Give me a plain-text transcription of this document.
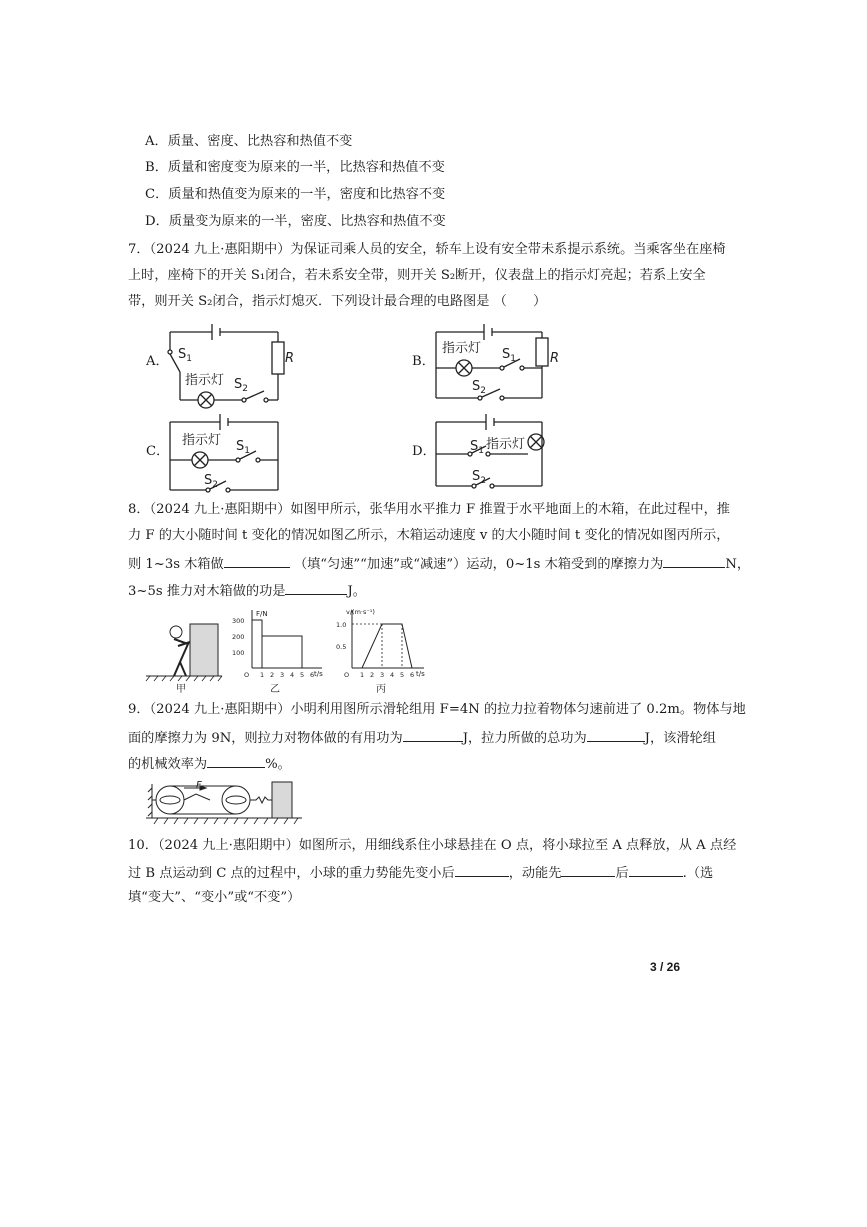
A．质量、密度、比热容和热值不变
B．质量和密度变为原来的一半，比热容和热值不变
C．质量和热值变为原来的一半，密度和比热容不变
D．质量变为原来的一半，密度、比热容和热值不变
7．（2024 九上·惠阳期中）为保证司乘人员的安全，轿车上设有安全带未系提示系统。当乘客坐在座椅
上时，座椅下的开关 S₁闭合，若未系安全带，则开关 S₂断开，仪表盘上的指示灯亮起；若系上安全
带，则开关 S₂闭合，指示灯熄灭．下列设计最合理的电路图是 （　　）
A． $S_1$
指示灯 $S_2$
R	B．
指示灯 $S_1$
$S_2$
R
C．
指示灯 $S_1$
$S_2$
D．	指示灯
$S_1$
$S_2$
8．（2024 九上·惠阳期中）如图甲所示，张华用水平推力 F 推置于水平地面上的木箱，在此过程中，推
力 F 的大小随时间 t 变化的情况如图乙所示，木箱运动速度 v 的大小随时间 t 变化的情况如图丙所示，
则 1~3s 木箱做	（填“匀速”“加速”或“减速”）运动，0~1s 木箱受到的摩擦力为	N，
3~5s 推力对木箱做的功是	J。
甲
300
200
100
O 1 2 3 4 5 6
F/N
t/s
乙
1.0
0.5
O 1 2 3 4 5 6
v/(m·s⁻¹)
t/s
丙
9．（2024 九上·惠阳期中）小明利用图所示滑轮组用 F=4N 的拉力拉着物体匀速前进了 0.2m。物体与地
面的摩擦力为 9N，则拉力对物体做的有用功为	J，拉力所做的总功为	J，该滑轮组
的机械效率为	%。
F
10．（2024 九上·惠阳期中）如图所示，用细线系住小球悬挂在 O 点，将小球拉至 A 点释放，从 A 点经
过 B 点运动到 C 点的过程中，小球的重力势能先变小后	，动能先	后	.（选
填“变大”、“变小”或“不变”）
3 / 26
